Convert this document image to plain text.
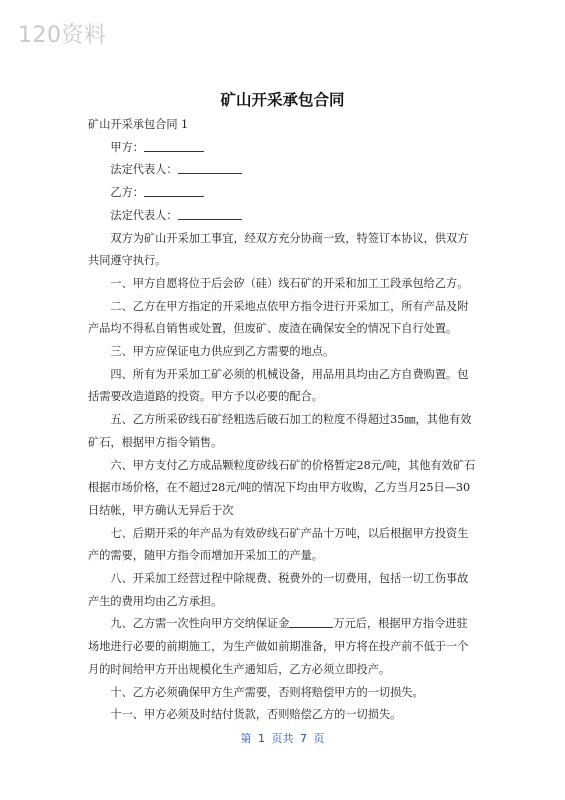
120资料
矿山开采承包合同

矿山开采承包合同 1

甲方：

法定代表人：

乙方：

法定代表人：

双方为矿山开采加工事宜，经双方充分协商一致，特签订本协议，供双方共同遵守执行。

一、甲方自愿将位于后会矽（硅）线石矿的开采和加工工段承包给乙方。

二、乙方在甲方指定的开采地点依甲方指令进行开采加工，所有产品及附产品均不得私自销售或处置，但废矿、废渣在确保安全的情况下自行处置。

三、甲方应保证电力供应到乙方需要的地点。

四、所有为开采加工矿必须的机械设备，用品用具均由乙方自费购置。包括需要改造道路的投资。甲方予以必要的配合。

五、乙方所采矽线石矿经粗选后破石加工的粒度不得超过35㎜，其他有效矿石，根据甲方指令销售。

六、甲方支付乙方成品颗粒度矽线石矿的价格暂定28元/吨，其他有效矿石根据市场价格，在不超过28元/吨的情况下均由甲方收购，乙方当月25日—30日结帐，甲方确认无异后于次

七、后期开采的年产品为有效矽线石矿产品十万吨，以后根据甲方投资生产的需要，随甲方指令而增加开采加工的产量。

八、开采加工经营过程中除规费、税费外的一切费用，包括一切工伤事故产生的费用均由乙方承担。

九、乙方需一次性向甲方交纳保证金	万元后，根据甲方指令进驻场地进行必要的前期施工，为生产做如前期准备，甲方将在投产前不低于一个月的时间给甲方开出规模化生产通知后，乙方必须立即投产。

十、乙方必须确保甲方生产需要，否则将赔偿甲方的一切损失。

十一、甲方必须及时结付货款，否则赔偿乙方的一切损失。

第 1 页共 7 页
